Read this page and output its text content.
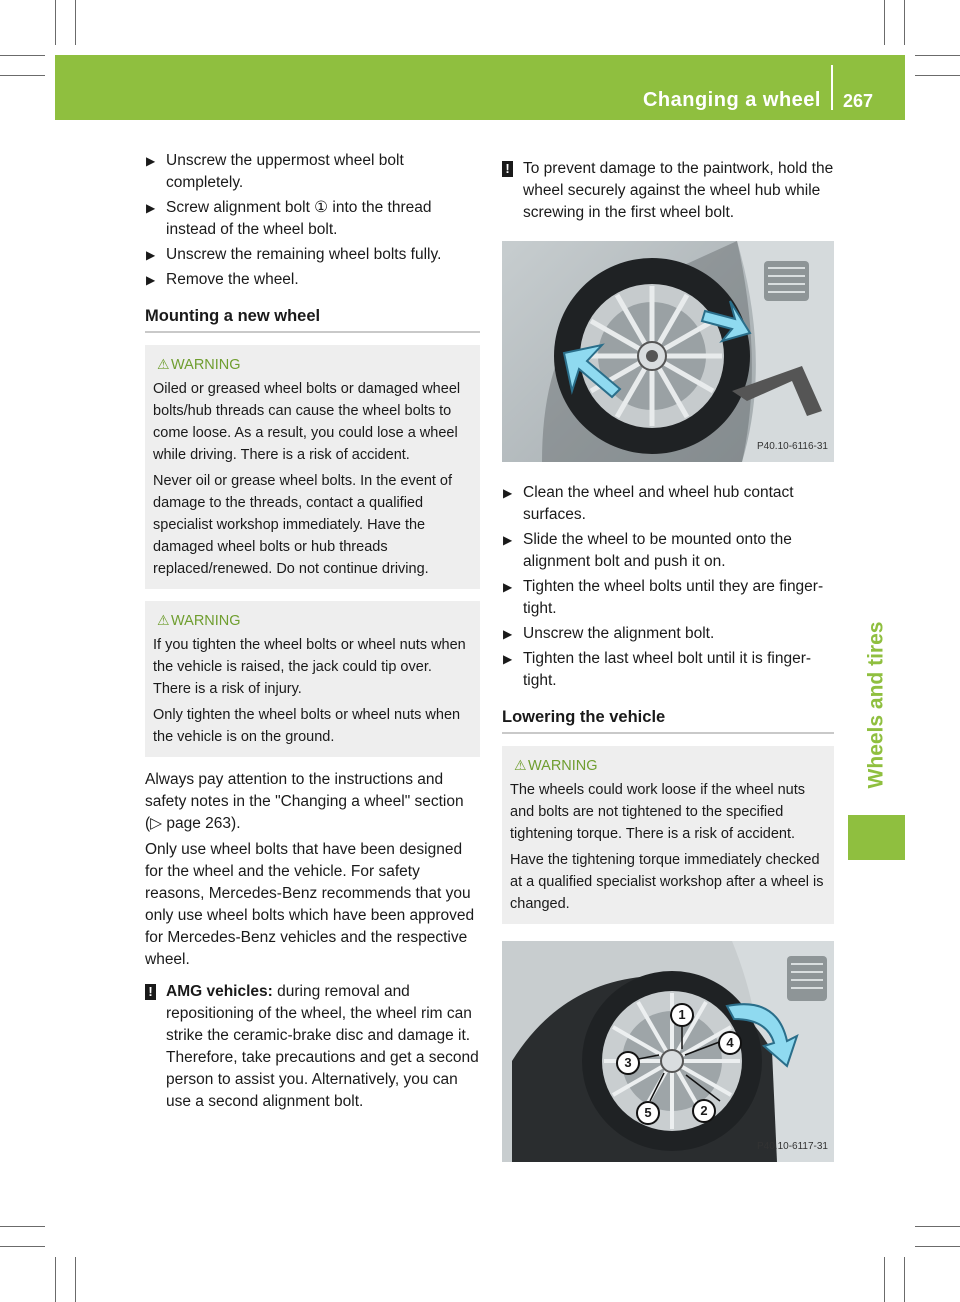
Changing a wheel 267
Wheels and tires
▶ Unscrew the uppermost wheel bolt completely.
▶ Screw alignment bolt ① into the thread instead of the wheel bolt.
▶ Unscrew the remaining wheel bolts fully.
▶ Remove the wheel.
Mounting a new wheel
⚠ WARNING

Oiled or greased wheel bolts or damaged wheel bolts/hub threads can cause the wheel bolts to come loose. As a result, you could lose a wheel while driving. There is a risk of accident.

Never oil or grease wheel bolts. In the event of damage to the threads, contact a qualified specialist workshop immediately. Have the damaged wheel bolts or hub threads replaced/renewed. Do not continue driving.

⚠ WARNING

If you tighten the wheel bolts or wheel nuts when the vehicle is raised, the jack could tip over. There is a risk of injury.

Only tighten the wheel bolts or wheel nuts when the vehicle is on the ground.

Always pay attention to the instructions and safety notes in the "Changing a wheel" section (▷ page 263).

Only use wheel bolts that have been designed for the wheel and the vehicle. For safety reasons, Mercedes-Benz recommends that you only use wheel bolts which have been approved for Mercedes-Benz vehicles and the respective wheel.

! AMG vehicles: during removal and repositioning of the wheel, the wheel rim can strike the ceramic-brake disc and damage it. Therefore, take precautions and get a second person to assist you. Alternatively, you can use a second alignment bolt.
! To prevent damage to the paintwork, hold the wheel securely against the wheel hub while screwing in the first wheel bolt.
P40.10-6116-31
▶ Clean the wheel and wheel hub contact surfaces.
▶ Slide the wheel to be mounted onto the alignment bolt and push it on.
▶ Tighten the wheel bolts until they are finger-tight.
▶ Unscrew the alignment bolt.
▶ Tighten the last wheel bolt until it is finger-tight.
Lowering the vehicle
⚠ WARNING

The wheels could work loose if the wheel nuts and bolts are not tightened to the specified tightening torque. There is a risk of accident.

Have the tightening torque immediately checked at a qualified specialist workshop after a wheel is changed.

1
2
3
4
5
P40.10-6117-31
